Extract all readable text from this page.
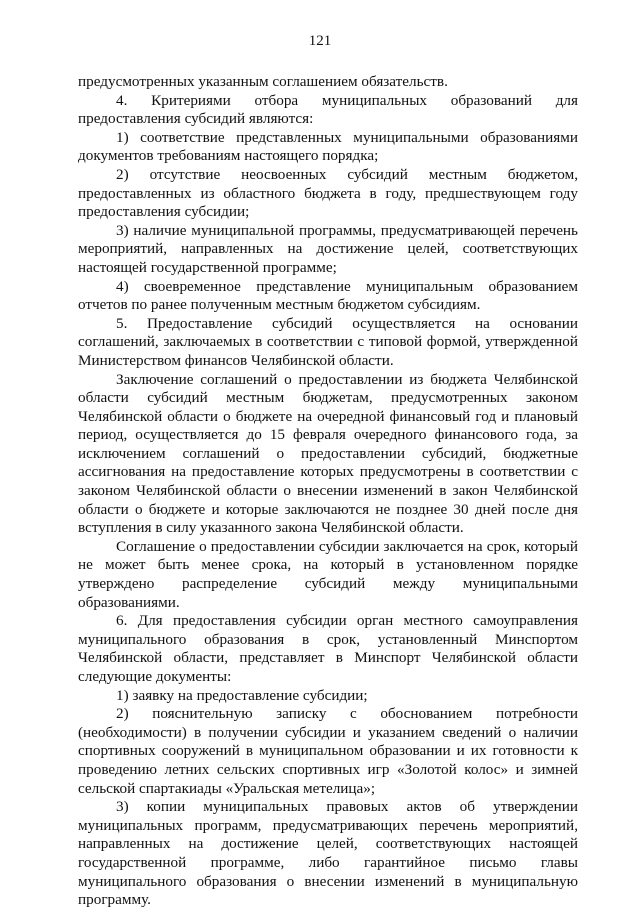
121

предусмотренных указанным соглашением обязательств.

4. Критериями отбора муниципальных образований для предоставления субсидий являются:

1) соответствие представленных муниципальными образованиями документов требованиям настоящего порядка;

2) отсутствие неосвоенных субсидий местным бюджетом, предоставленных из областного бюджета в году, предшествующем году предоставления субсидии;

3) наличие муниципальной программы, предусматривающей перечень мероприятий, направленных на достижение целей, соответствующих настоящей государственной программе;

4) своевременное представление муниципальным образованием отчетов по ранее полученным местным бюджетом субсидиям.

5. Предоставление субсидий осуществляется на основании соглашений, заключаемых в соответствии с типовой формой, утвержденной Министерством финансов Челябинской области.

Заключение соглашений о предоставлении из бюджета Челябинской области субсидий местным бюджетам, предусмотренных законом Челябинской области о бюджете на очередной финансовый год и плановый период, осуществляется до 15 февраля очередного финансового года, за исключением соглашений о предоставлении субсидий, бюджетные ассигнования на предоставление которых предусмотрены в соответствии с законом Челябинской области о внесении изменений в закон Челябинской области о бюджете и которые заключаются не позднее 30 дней после дня вступления в силу указанного закона Челябинской области.

Соглашение о предоставлении субсидии заключается на срок, который не может быть менее срока, на который в установленном порядке утверждено распределение субсидий между муниципальными образованиями.

6. Для предоставления субсидии орган местного самоуправления муниципального образования в срок, установленный Минспортом Челябинской области, представляет в Минспорт Челябинской области следующие документы:

1) заявку на предоставление субсидии;

2) пояснительную записку с обоснованием потребности (необходимости) в получении субсидии и указанием сведений о наличии спортивных сооружений в муниципальном образовании и их готовности к проведению летних сельских спортивных игр «Золотой колос» и зимней сельской спартакиады «Уральская метелица»;

3) копии муниципальных правовых актов об утверждении муниципальных программ, предусматривающих перечень мероприятий, направленных на достижение целей, соответствующих настоящей государственной программе, либо гарантийное письмо главы муниципального образования о внесении изменений в муниципальную программу.
